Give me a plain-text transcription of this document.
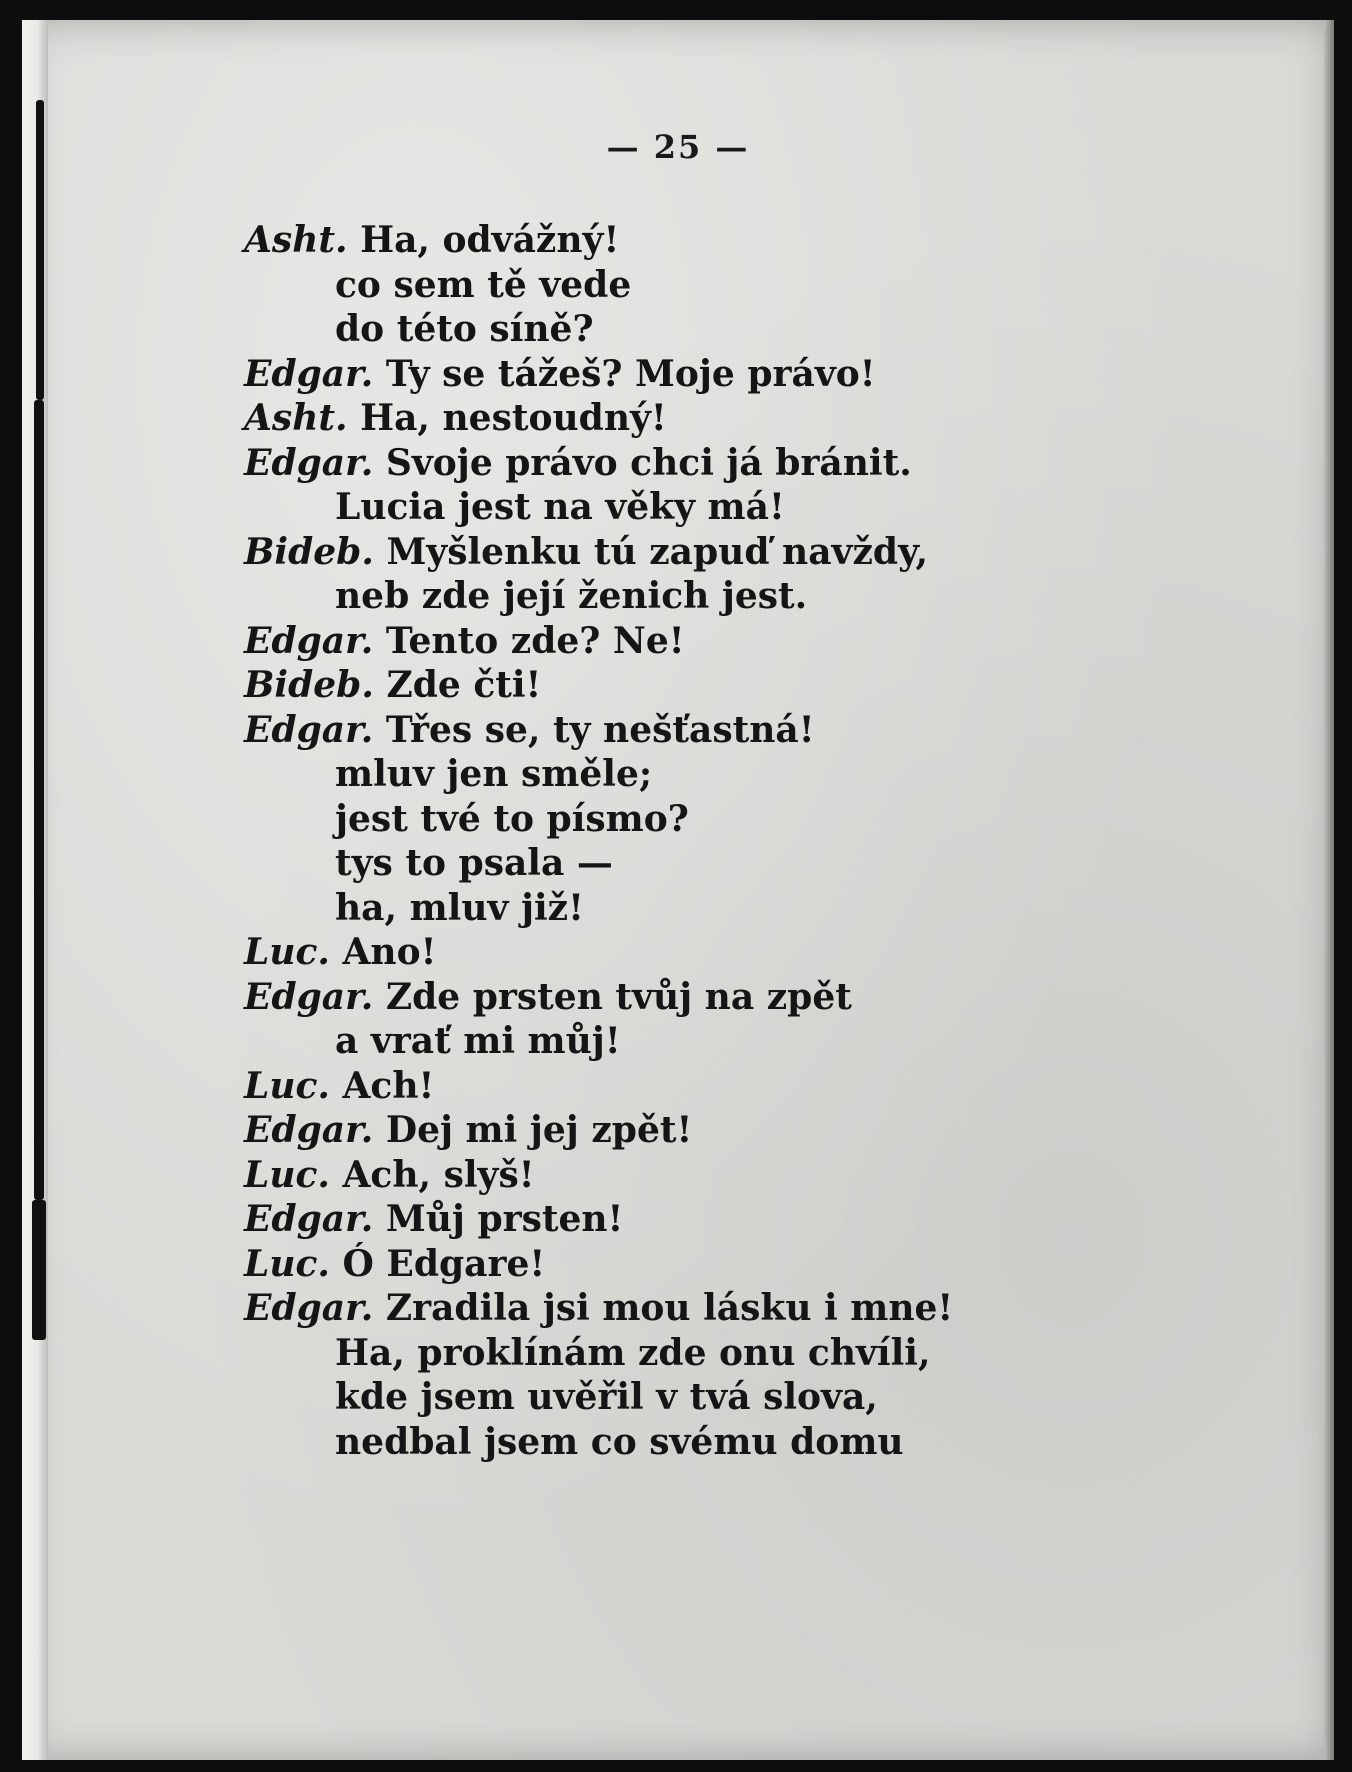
— 25 —
Asht. Ha, odvážný!
co sem tě vede
do této síně?
Edgar. Ty se tážeš? Moje právo!
Asht. Ha, nestoudný!
Edgar. Svoje právo chci já bránit.
Lucia jest na věky má!
Bideb. Myšlenku tú zapuď navždy,
neb zde její ženich jest.
Edgar. Tento zde? Ne!
Bideb. Zde čti!
Edgar. Třes se, ty nešťastná!
mluv jen směle;
jest tvé to písmo?
tys to psala —
ha, mluv již!
Luc. Ano!
Edgar. Zde prsten tvůj na zpět
a vrať mi můj!
Luc. Ach!
Edgar. Dej mi jej zpět!
Luc. Ach, slyš!
Edgar. Můj prsten!
Luc. Ó Edgare!
Edgar. Zradila jsi mou lásku i mne!
Ha, proklínám zde onu chvíli,
kde jsem uvěřil v tvá slova,
nedbal jsem co svému domu
